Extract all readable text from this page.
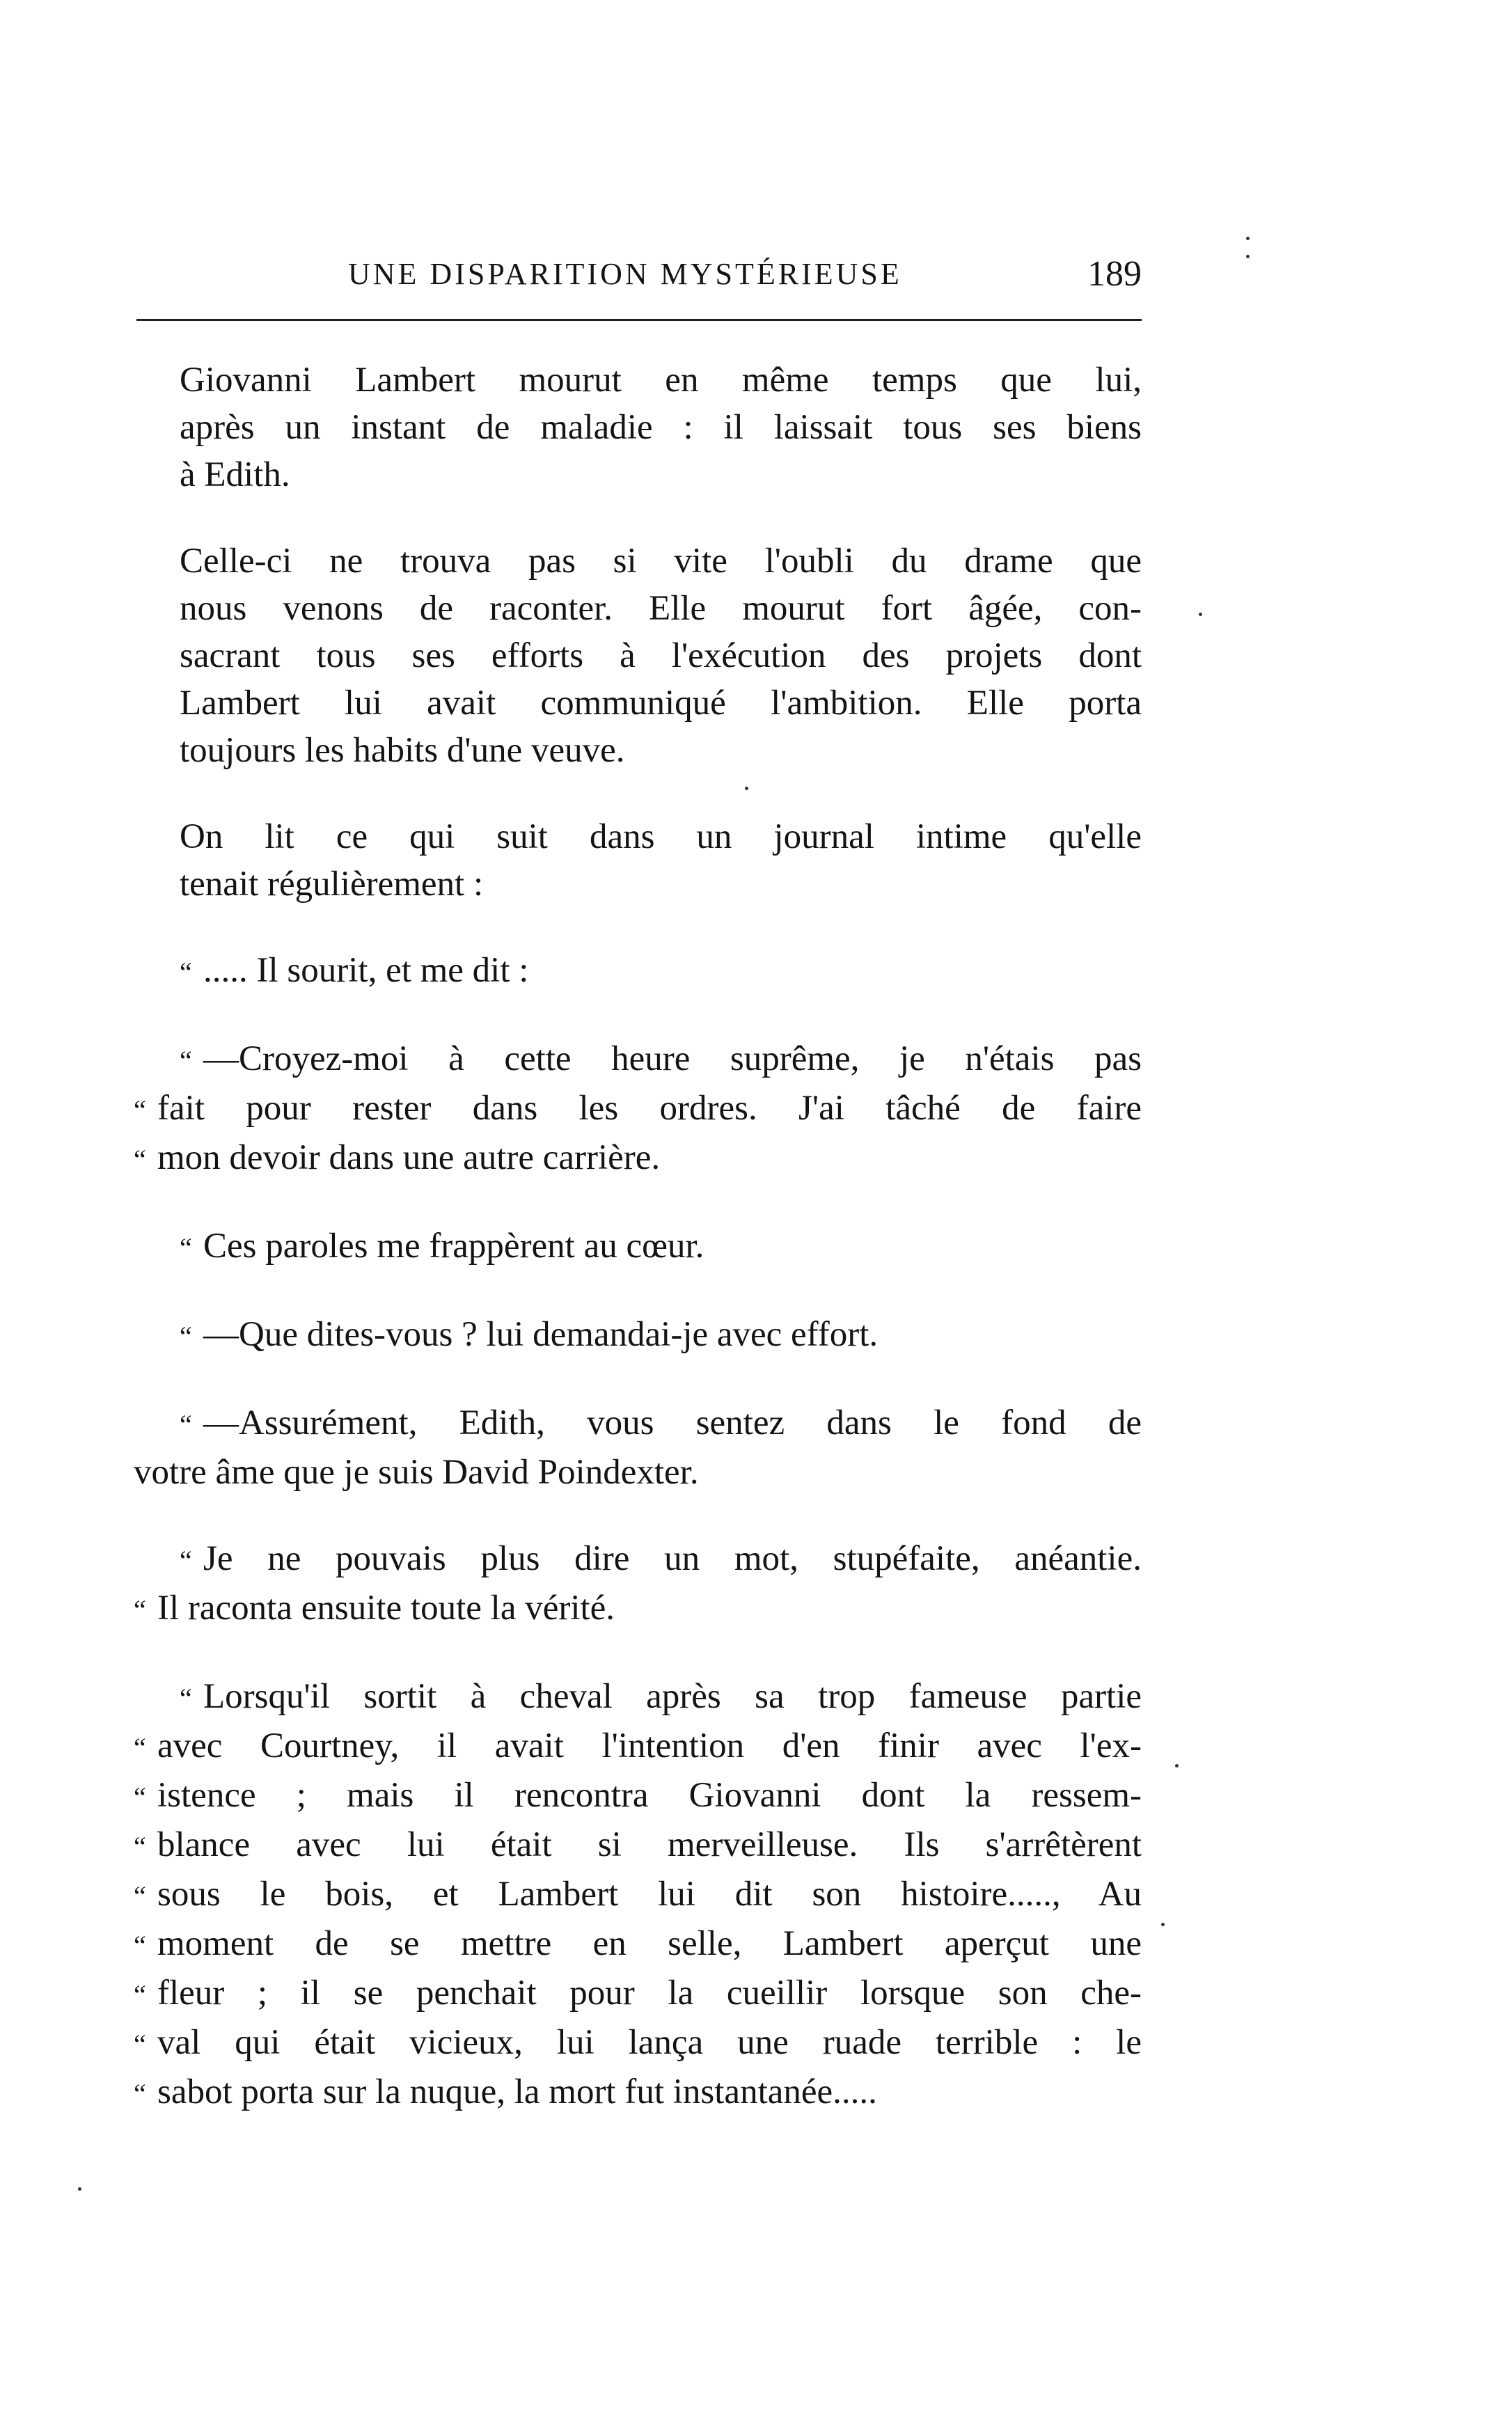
UNE DISPARITION MYSTÉRIEUSE	189
Giovanni Lambert mourut en même temps que lui,
après un instant de maladie : il laissait tous ses biens
à Edith.
Celle-ci ne trouva pas si vite l'oubli du drame que
nous venons de raconter. Elle mourut fort âgée, con-
sacrant tous ses efforts à l'exécution des projets dont
Lambert lui avait communiqué l'ambition. Elle porta
toujours les habits d'une veuve.
On lit ce qui suit dans un journal intime qu'elle
tenait régulièrement :
“ ..... Il sourit, et me dit :
“ —Croyez-moi à cette heure suprême, je n'étais pas
“ fait pour rester dans les ordres. J'ai tâché de faire
“ mon devoir dans une autre carrière.
“ Ces paroles me frappèrent au cœur.
“ —Que dites-vous ? lui demandai-je avec effort.
“ —Assurément, Edith, vous sentez dans le fond de
votre âme que je suis David Poindexter.
“ Je ne pouvais plus dire un mot, stupéfaite, anéantie.
“ Il raconta ensuite toute la vérité.
“ Lorsqu'il sortit à cheval après sa trop fameuse partie
“ avec Courtney, il avait l'intention d'en finir avec l'ex-
“ istence ; mais il rencontra Giovanni dont la ressem-
“ blance avec lui était si merveilleuse. Ils s'arrêtèrent
“ sous le bois, et Lambert lui dit son histoire....., Au
“ moment de se mettre en selle, Lambert aperçut une
“ fleur ; il se penchait pour la cueillir lorsque son che-
“ val qui était vicieux, lui lança une ruade terrible : le
“ sabot porta sur la nuque, la mort fut instantanée.....
